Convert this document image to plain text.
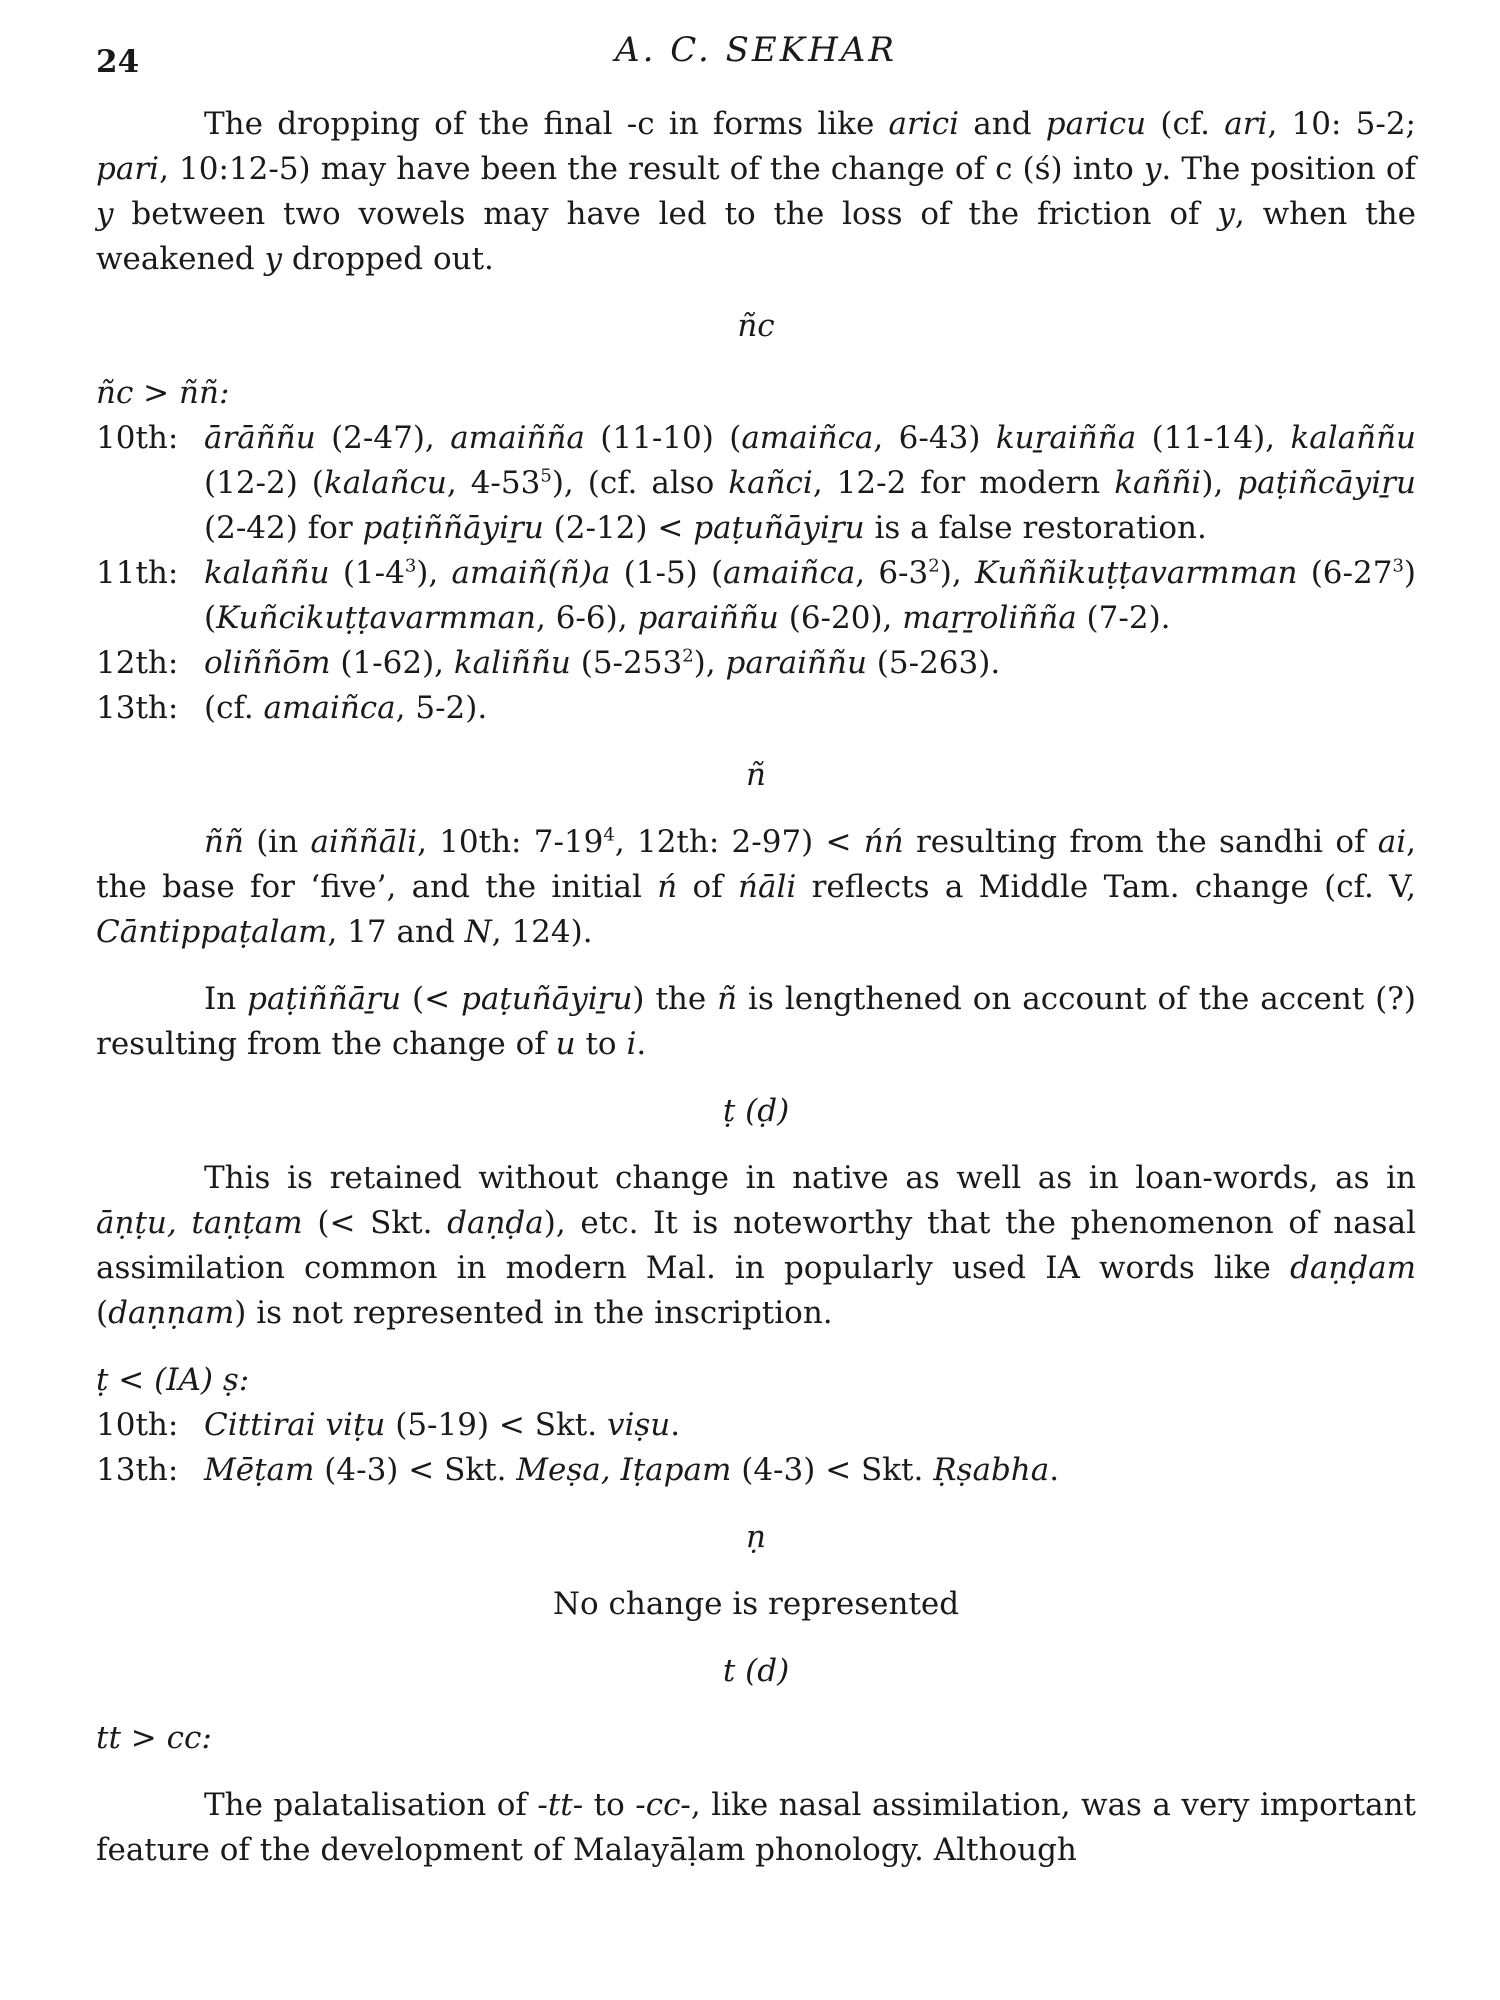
24	A. C. SEKHAR

The dropping of the final -c in forms like arici and paricu (cf. ari, 10: 5-2; pari, 10:12-5) may have been the result of the change of c (ś) into y. The position of y between two vowels may have led to the loss of the friction of y, when the weakened y dropped out.

ñc
ñc > ññ:
10th: ārāññu (2-47), amaiñña (11-10) (amaiñca, 6-43) kuṟaiñña (11-14), kalaññu (12-2) (kalañcu, $4-53^5$), (cf. also kañci, 12-2 for modern kaññi), paṭiñcāyiṟu (2-42) for paṭiññāyiṟu (2-12) < paṭuñāyiṟu is a false restoration.
11th: kalaññu $(1-4^3)$, amaiñ(ñ)a (1-5) (amaiñca, $6-3^2$), Kuññikuṭṭavarmman $(6-27^3)$ (Kuñcikuṭṭavarmman, 6-6), paraiññu (6-20), maṟṟoliñña (7-2).
12th: oliññōm (1-62), kaliññu $(5-253^2)$, paraiññu (5-263).
13th: (cf. amaiñca, 5-2).
ñ

ññ (in aiññāli, 10th: $7-19^4$, 12th: 2-97) < ńń resulting from the sandhi of ai, the base for ‘five’, and the initial ń of ńāli reflects a Middle Tam. change (cf. V, Cāntippaṭalam, 17 and N, 124).

In paṭiññāṟu (< paṭuñāyiṟu) the ñ is lengthened on account of the accent (?) resulting from the change of u to i.

ṭ (ḍ)

This is retained without change in native as well as in loan-words, as in āṇṭu, taṇṭam (< Skt. daṇḍa), etc. It is noteworthy that the phenomenon of nasal assimilation common in modern Mal. in popularly used IA words like daṇḍam (daṇṇam) is not represented in the inscription.

ṭ < (IA) ṣ:
10th: Cittirai viṭu (5-19) < Skt. viṣu.
13th: Mēṭam (4-3) < Skt. Meṣa, Iṭapam (4-3) < Skt. Ṛṣabha.
ṇ
No change is represented
t (d)
tt > cc:

The palatalisation of -tt- to -cc-, like nasal assimilation, was a very important feature of the development of Malayāḷam phonology. Although
